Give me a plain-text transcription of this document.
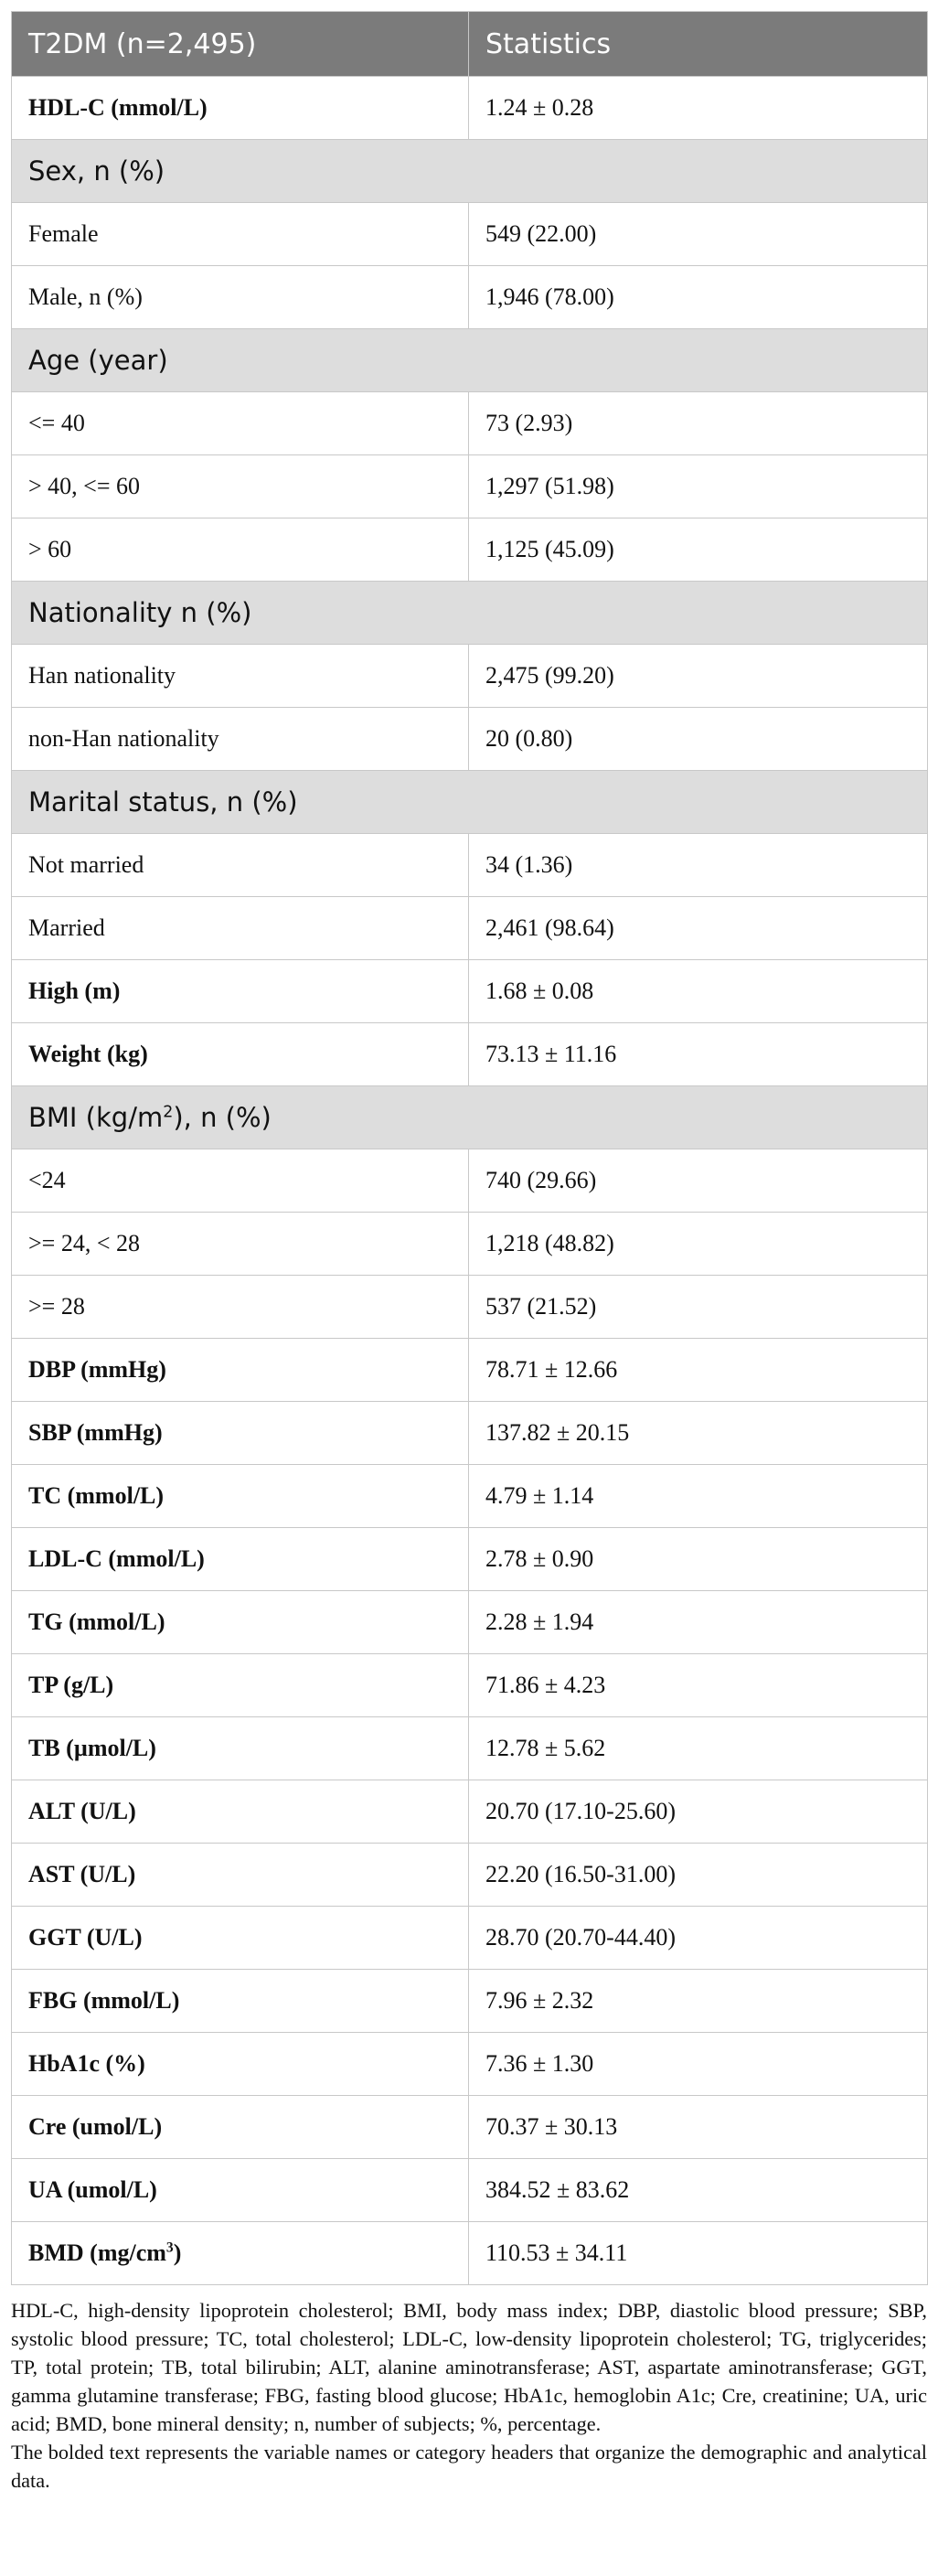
T2DM (n=2,495)	Statistics
HDL-C (mmol/L)	1.24 ± 0.28
Sex, n (%)	
Female	549 (22.00)
Male, n (%)	1,946 (78.00)
Age (year)	
<= 40	73 (2.93)
> 40, <= 60	1,297 (51.98)
> 60	1,125 (45.09)
Nationality n (%)	
Han nationality	2,475 (99.20)
non-Han nationality	20 (0.80)
Marital status, n (%)	
Not married	34 (1.36)
Married	2,461 (98.64)
High (m)	1.68 ± 0.08
Weight (kg)	73.13 ± 11.16
BMI $(kg/m^2)$, n (%)	
<24	740 (29.66)
>= 24, < 28	1,218 (48.82)
>= 28	537 (21.52)
DBP (mmHg)	78.71 ± 12.66
SBP (mmHg)	137.82 ± 20.15
TC (mmol/L)	4.79 ± 1.14
LDL-C (mmol/L)	2.78 ± 0.90
TG (mmol/L)	2.28 ± 1.94
TP (g/L)	71.86 ± 4.23
TB (µmol/L)	12.78 ± 5.62
ALT (U/L)	20.70 (17.10-25.60)
AST (U/L)	22.20 (16.50-31.00)
GGT (U/L)	28.70 (20.70-44.40)
FBG (mmol/L)	7.96 ± 2.32
HbA1c (%)	7.36 ± 1.30
Cre (umol/L)	70.37 ± 30.13
UA (umol/L)	384.52 ± 83.62
BMD $(mg/cm^3)$	110.53 ± 34.11

HDL-C, high-density lipoprotein cholesterol; BMI, body mass index; DBP, diastolic blood pressure; SBP, systolic blood pressure; TC, total cholesterol; LDL-C, low-density lipoprotein cholesterol; TG, triglycerides; TP, total protein; TB, total bilirubin; ALT, alanine aminotransferase; AST, aspartate aminotransferase; GGT, gamma glutamine transferase; FBG, fasting blood glucose; HbA1c, hemoglobin A1c; Cre, creatinine; UA, uric acid; BMD, bone mineral density; n, number of subjects; %, percentage.

The bolded text represents the variable names or category headers that organize the demographic and analytical data.
